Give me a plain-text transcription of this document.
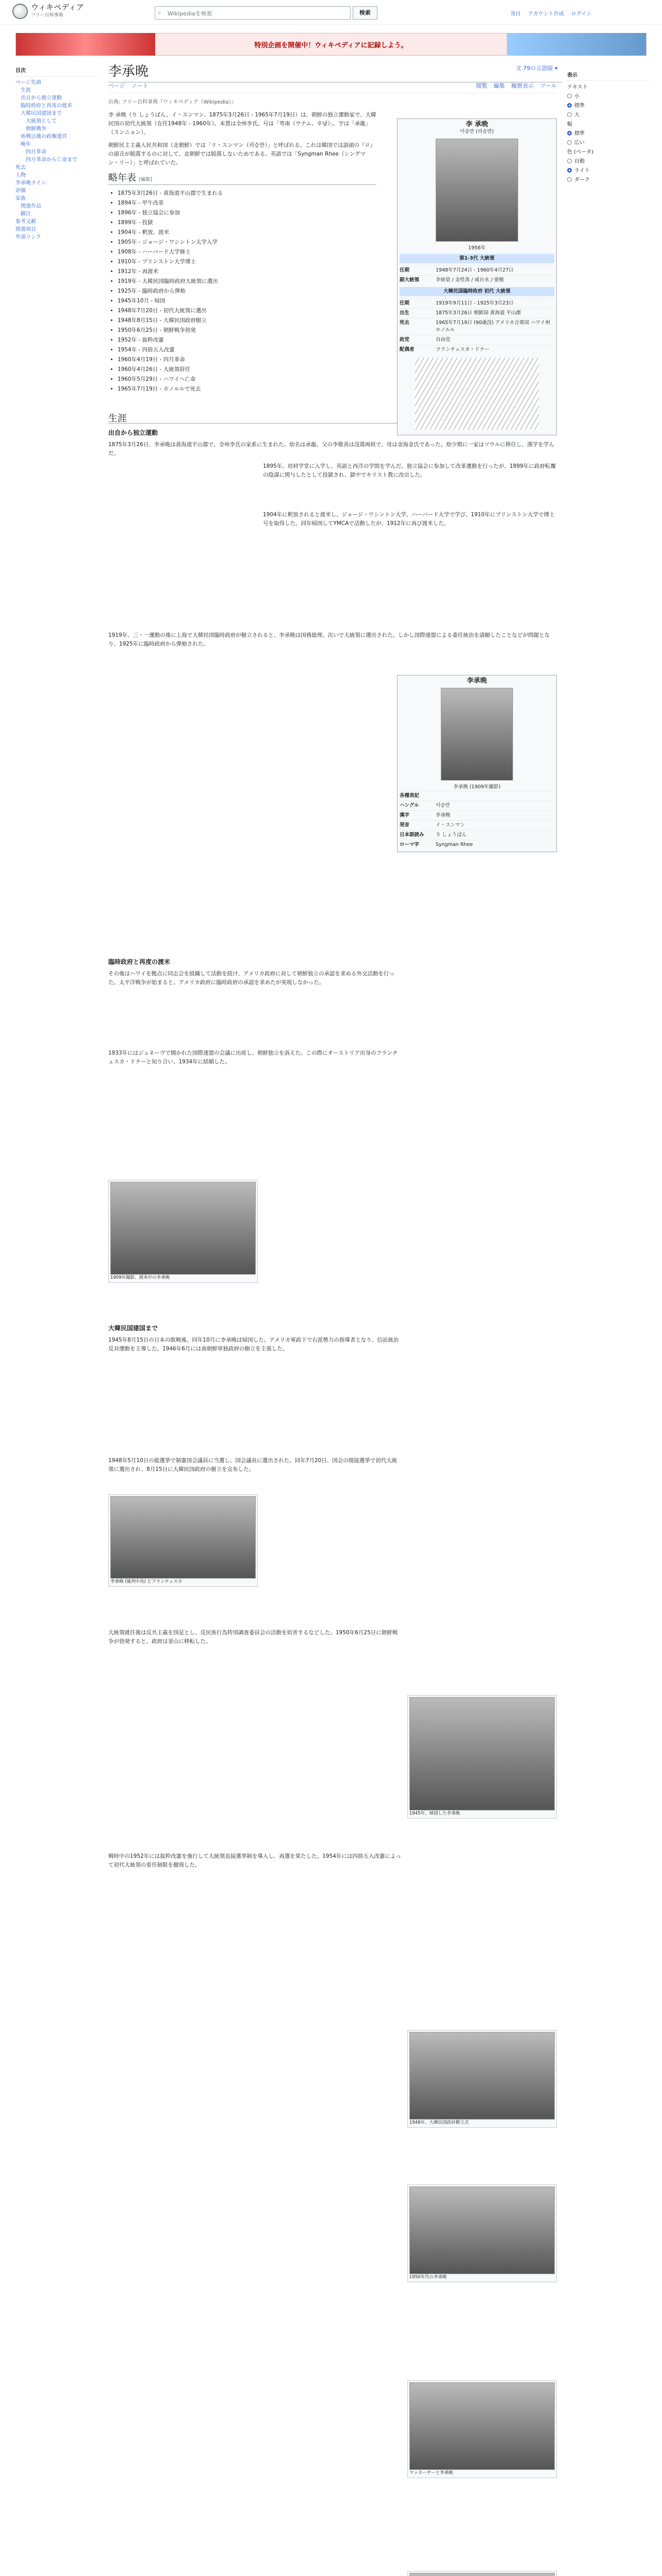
ウィキペディア
フリー百科事典	⌕	Wikipediaを検索	検索	寄付 アカウント作成 ログイン
特別企画を開催中！ウィキペディアに記録しよう。
目次
ページ先頭
生涯
出自から独立運動
臨時政府と再度の渡米
大韓民国建国まで
大統領として
朝鮮戦争
休戦以後の政権運営
晩年
四月革命
四月革命から亡命まで
死去
人物
李承晩ライン
評価
家族
関連作品
脚注
参考文献
関連項目
外部リンク
李承晩	文 79の言語版 ▾
ページ ノート	閲覧 編集 履歴表示 ツール
表示
テキスト
小
標準
大
幅
標準
広い
色 (ベータ)
自動
ライト
ダーク
出典: フリー百科事典『ウィキペディア（Wikipedia）』

李 承晩（り しょうばん、イ・スンマン、1875年3月26日 - 1965年7月19日）は、朝鮮の独立運動家で、大韓民国の初代大統領（在任1948年 - 1960年）。本貫は全州李氏。号は「雩南（ウナム、우남）」。字は「承龍」（スンニョン）。

朝鮮民主主義人民共和国（北朝鮮）では「リ・スンマン（리승만）」と呼ばれる。これは韓国では語頭の『ㄹ』の頭音が脱落するのに対して、北朝鮮では脱落しないためである。英語では「Syngman Rhee（シングマン・リー）」と呼ばれていた。

略年表 [編集]
• 1875年3月26日 - 黄海道平山郡で生まれる
• 1894年 - 甲午改革
• 1896年 - 独立協会に参加
• 1899年 - 投獄
• 1904年 - 釈放、渡米
• 1905年 - ジョージ・ワシントン大学入学
• 1908年 - ハーバード大学修士
• 1910年 - プリンストン大学博士
• 1912年 - 再渡米
• 1919年 - 大韓民国臨時政府大統領に選出
• 1925年 - 臨時政府から弾劾
• 1945年10月 - 帰国
• 1948年7月20日 - 初代大統領に選出
• 1948年8月15日 - 大韓民国政府樹立
• 1950年6月25日 - 朝鮮戦争勃発
• 1952年 - 抜粋改憲
• 1954年 - 四捨五入改憲
• 1960年4月19日 - 四月革命
• 1960年4月26日 - 大統領辞任
• 1960年5月29日 - ハワイへ亡命
• 1965年7月19日 - ホノルルで死去
生涯
出自から独立運動

1875年3月26日、李承晩は黄海道平山郡で、全州李氏の家系に生まれた。幼名は承龍。父の李敬善は没落両班で、母は金海金氏であった。幼少期に一家はソウルに移住し、漢学を学んだ。

1895年、培材学堂に入学し、英語と西洋の学問を学んだ。独立協会に参加して改革運動を行ったが、1899年に政府転覆の陰謀に関与したとして投獄され、獄中でキリスト教に改宗した。

1904年に釈放されると渡米し、ジョージ・ワシントン大学、ハーバード大学で学び、1910年にプリンストン大学で博士号を取得した。同年帰国してYMCAで活動したが、1912年に再び渡米した。

1919年、三・一運動の後に上海で大韓民国臨時政府が樹立されると、李承晩は国務総理、次いで大統領に選出された。しかし国際連盟による委任統治を請願したことなどが問題となり、1925年に臨時政府から弾劾された。

臨時政府と再度の渡米

その後はハワイを拠点に同志会を組織して活動を続け、アメリカ政府に対して朝鮮独立の承認を求める外交活動を行った。太平洋戦争が始まると、アメリカ政府に臨時政府の承認を求めたが実現しなかった。

1933年にはジュネーヴで開かれた国際連盟の会議に出席し、朝鮮独立を訴えた。この際にオーストリア出身のフランチェスカ・ドナーと知り合い、1934年に結婚した。

大韓民国建国まで

1945年8月15日の日本の敗戦後、同年10月に李承晩は帰国した。アメリカ軍政下で右派勢力の指導者となり、信託統治反対運動を主導した。1946年6月には南朝鮮単独政府の樹立を主張した。

1948年5月10日の総選挙で制憲国会議員に当選し、国会議長に選出された。同年7月20日、国会の間接選挙で初代大統領に選出され、8月15日に大韓民国政府の樹立を宣布した。

大統領就任後は反共主義を国是とし、反民族行為特別調査委員会の活動を妨害するなどした。1950年6月25日に朝鮮戦争が勃発すると、政府は釜山に移転した。

戦時中の1952年には抜粋改憲を強行して大統領直接選挙制を導入し、再選を果たした。1954年には四捨五入改憲によって初代大統領の重任制限を撤廃した。

李 承晩
이승만 (리승만)
1956年
第1-3代 大統領
任期	1948年7月24日 - 1960年4月27日
副大統領	李始榮 / 金性洙 / 咸台永 / 張勉
大韓民国臨時政府 初代 大統領
任期	1919年9月11日 - 1925年3月23日
出生	1875年3月26日 朝鮮国 黄海道 平山郡
死去	1965年7月19日 (90歳没) アメリカ合衆国 ハワイ州 ホノルル
政党	自由党
配偶者	フランチェスカ・ドナー
李承晩
李承晩 (1909年撮影)
各種表記
ハングル	이승만
漢字	李承晩
発音	イ・スンマン
日本語読み	り しょうばん
ローマ字	Syngman Rhee
1909年撮影、渡米中の李承晩
李承晩 (後列中央) とフランチェスカ
1945年、帰国した李承晩
1948年、大韓民国政府樹立式
1950年代の李承晩
マッカーサーと李承晩
